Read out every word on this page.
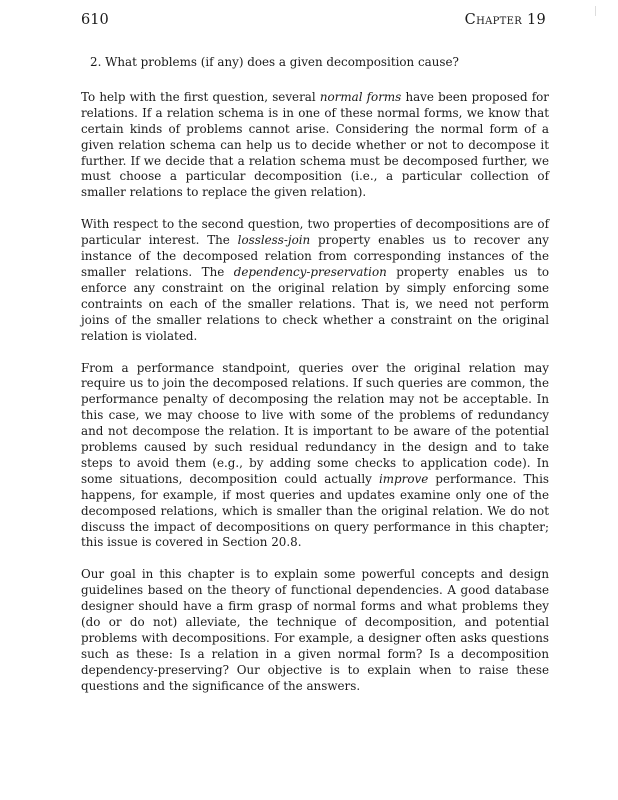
610	Chapter 19

2. What problems (if any) does a given decomposition cause?

To help with the first question, several normal forms have been proposed for relations. If a relation schema is in one of these normal forms, we know that certain kinds of problems cannot arise. Considering the normal form of a given relation schema can help us to decide whether or not to decompose it further. If we decide that a relation schema must be decomposed further, we must choose a particular decomposition (i.e., a particular collection of smaller relations to replace the given relation).

With respect to the second question, two properties of decompositions are of particular interest. The lossless-join property enables us to recover any instance of the decomposed relation from corresponding instances of the smaller relations. The dependency-preservation property enables us to enforce any constraint on the original relation by simply enforcing some contraints on each of the smaller relations. That is, we need not perform joins of the smaller relations to check whether a constraint on the original relation is violated.

From a performance standpoint, queries over the original relation may require us to join the decomposed relations. If such queries are common, the performance penalty of decomposing the relation may not be acceptable. In this case, we may choose to live with some of the problems of redundancy and not decompose the relation. It is important to be aware of the potential problems caused by such residual redundancy in the design and to take steps to avoid them (e.g., by adding some checks to application code). In some situations, decomposition could actually improve performance. This happens, for example, if most queries and updates examine only one of the decomposed relations, which is smaller than the original relation. We do not discuss the impact of decompositions on query performance in this chapter; this issue is covered in Section 20.8.

Our goal in this chapter is to explain some powerful concepts and design guidelines based on the theory of functional dependencies. A good database designer should have a firm grasp of normal forms and what problems they (do or do not) alleviate, the technique of decomposition, and potential problems with decompositions. For example, a designer often asks questions such as these: Is a relation in a given normal form? Is a decomposition dependency-preserving? Our objective is to explain when to raise these questions and the significance of the answers.
